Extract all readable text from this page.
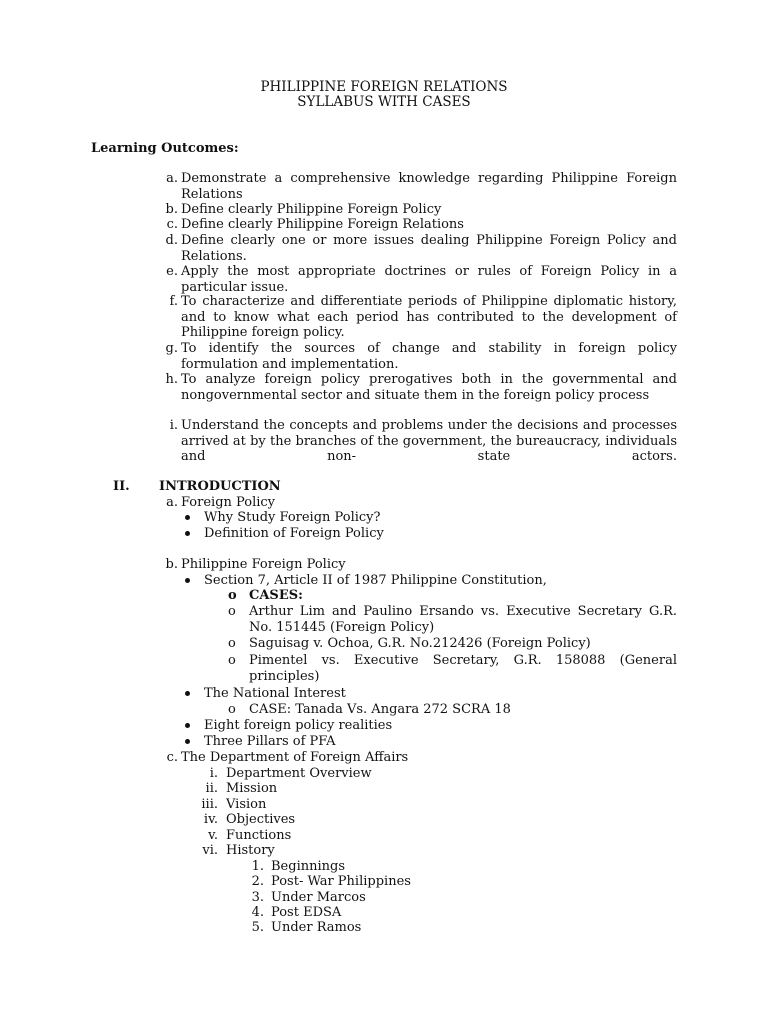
PHILIPPINE FOREIGN RELATIONS
SYLLABUS WITH CASES
Learning Outcomes:
a. Demonstrate a comprehensive knowledge regarding Philippine Foreign Relations
b. Define clearly Philippine Foreign Policy
c. Define clearly Philippine Foreign Relations
d. Define clearly one or more issues dealing Philippine Foreign Policy and Relations.
e. Apply the most appropriate doctrines or rules of Foreign Policy in a particular issue.
f. To characterize and differentiate periods of Philippine diplomatic history, and to know what each period has contributed to the development of Philippine foreign policy.
g. To identify the sources of change and stability in foreign policy formulation and implementation.
h. To analyze foreign policy prerogatives both in the governmental and nongovernmental sector and situate them in the foreign policy process
i. Understand the concepts and problems under the decisions and processes arrived at by the branches of the government, the bureaucracy, individuals and non- state actors.
II. INTRODUCTION
a. Foreign Policy
Why Study Foreign Policy?
Definition of Foreign Policy
b. Philippine Foreign Policy
Section 7, Article II of 1987 Philippine Constitution,
o CASES:
o Arthur Lim and Paulino Ersando vs. Executive Secretary G.R. No. 151445 (Foreign Policy)
o Saguisag v. Ochoa, G.R. No.212426 (Foreign Policy)
o Pimentel vs. Executive Secretary, G.R. 158088 (General principles)
The National Interest
o CASE: Tanada Vs. Angara 272 SCRA 18
Eight foreign policy realities
Three Pillars of PFA
c. The Department of Foreign Affairs
i. Department Overview
ii. Mission
iii. Vision
iv. Objectives
v. Functions
vi. History
1. Beginnings
2. Post- War Philippines
3. Under Marcos
4. Post EDSA
5. Under Ramos
